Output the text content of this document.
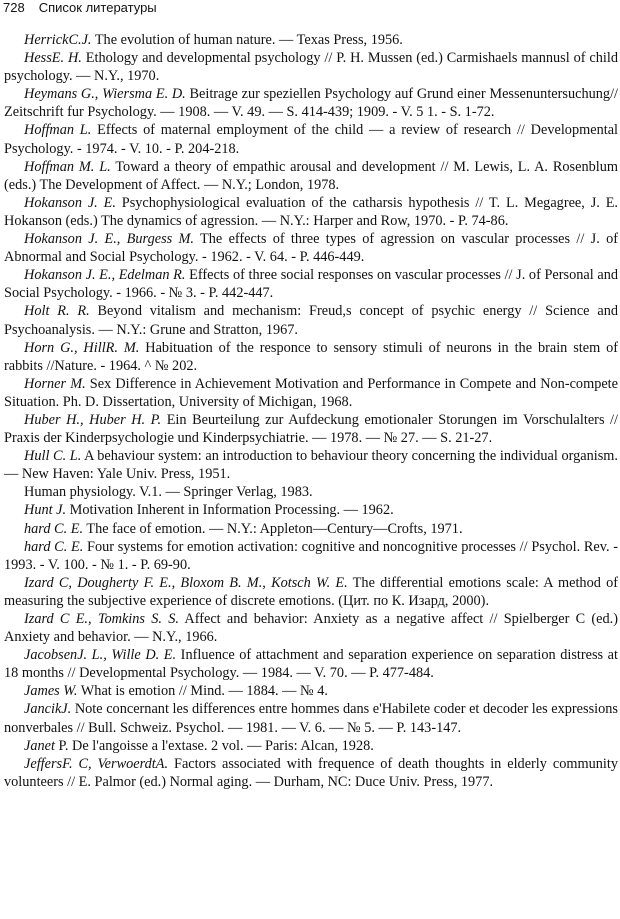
728 Список литературы

HerrickC.J. The evolution of human nature. — Texas Press, 1956.

HessE. H. Ethology and developmental psychology // P. H. Mussen (ed.) Carmishaels mannusl of child psychology. — N.Y., 1970.

Heymans G., Wiersma E. D. Beitrage zur speziellen Psychology auf Grund einer Messenuntersuchung// Zeitschrift fur Psychology. — 1908. — V. 49. — S. 414-439; 1909. - V. 5 1. - S. 1-72.

Hoffman L. Effects of maternal employment of the child — a review of research // Developmental Psychology. - 1974. - V. 10. - P. 204-218.

Hoffman M. L. Toward a theory of empathic arousal and development // M. Lewis, L. A. Rosenblum (eds.) The Development of Affect. — N.Y.; London, 1978.

Hokanson J. E. Psychophysiological evaluation of the catharsis hypothesis // T. L. Megagree, J. E. Hokanson (eds.) The dynamics of agression. — N.Y.: Harper and Row, 1970. - P. 74-86.

Hokanson J. E., Burgess M. The effects of three types of agression on vascular processes // J. of Abnormal and Social Psychology. - 1962. - V. 64. - P. 446-449.

Hokanson J. E., Edelman R. Effects of three social responses on vascular processes // J. of Personal and Social Psychology. - 1966. - № 3. - P. 442-447.

Holt R. R. Beyond vitalism and mechanism: Freud,s concept of psychic energy // Science and Psychoanalysis. — N.Y.: Grune and Stratton, 1967.

Horn G., HillR. M. Habituation of the responce to sensory stimuli of neurons in the brain stem of rabbits //Nature. - 1964. ^ № 202.

Horner M. Sex Difference in Achievement Motivation and Performance in Compete and Non-compete Situation. Ph. D. Dissertation, University of Michigan, 1968.

Huber H., Huber H. P. Ein Beurteilung zur Aufdeckung emotionaler Storungen im Vorschulalters // Praxis der Kinderpsychologie und Kinderpsychiatrie. — 1978. — № 27. — S. 21-27.

Hull C. L. A behaviour system: an introduction to behaviour theory concerning the individual organism. — New Haven: Yale Univ. Press, 1951.

Human physiology. V.1. — Springer Verlag, 1983.

Hunt J. Motivation Inherent in Information Processing. — 1962.

hard C. E. The face of emotion. — N.Y.: Appleton—Century—Crofts, 1971.

hard C. E. Four systems for emotion activation: cognitive and noncognitive processes // Psychol. Rev. - 1993. - V. 100. - № 1. - P. 69-90.

Izard C, Dougherty F. E., Bloxom B. M., Kotsch W. E. The differential emotions scale: A method of measuring the subjective experience of discrete emotions. (Цит. по К. Изард, 2000).

Izard C E., Tomkins S. S. Affect and behavior: Anxiety as a negative affect // Spielberger C (ed.) Anxiety and behavior. — N.Y., 1966.

JacobsenJ. L., Wille D. E. Influence of attachment and separation experience on separation distress at 18 months // Developmental Psychology. — 1984. — V. 70. — P. 477-484.

James W. What is emotion // Mind. — 1884. — № 4.

JancikJ. Note concernant les differences entre hommes dans e'Habilete coder et decoder les expressions nonverbales // Bull. Schweiz. Psychol. — 1981. — V. 6. — № 5. — P. 143-147.

Janet P. De l'angoisse a l'extase. 2 vol. — Paris: Alcan, 1928.

JeffersF. C, VerwoerdtA. Factors associated with frequence of death thoughts in elderly community volunteers // E. Palmor (ed.) Normal aging. — Durham, NC: Duce Univ. Press, 1977.
